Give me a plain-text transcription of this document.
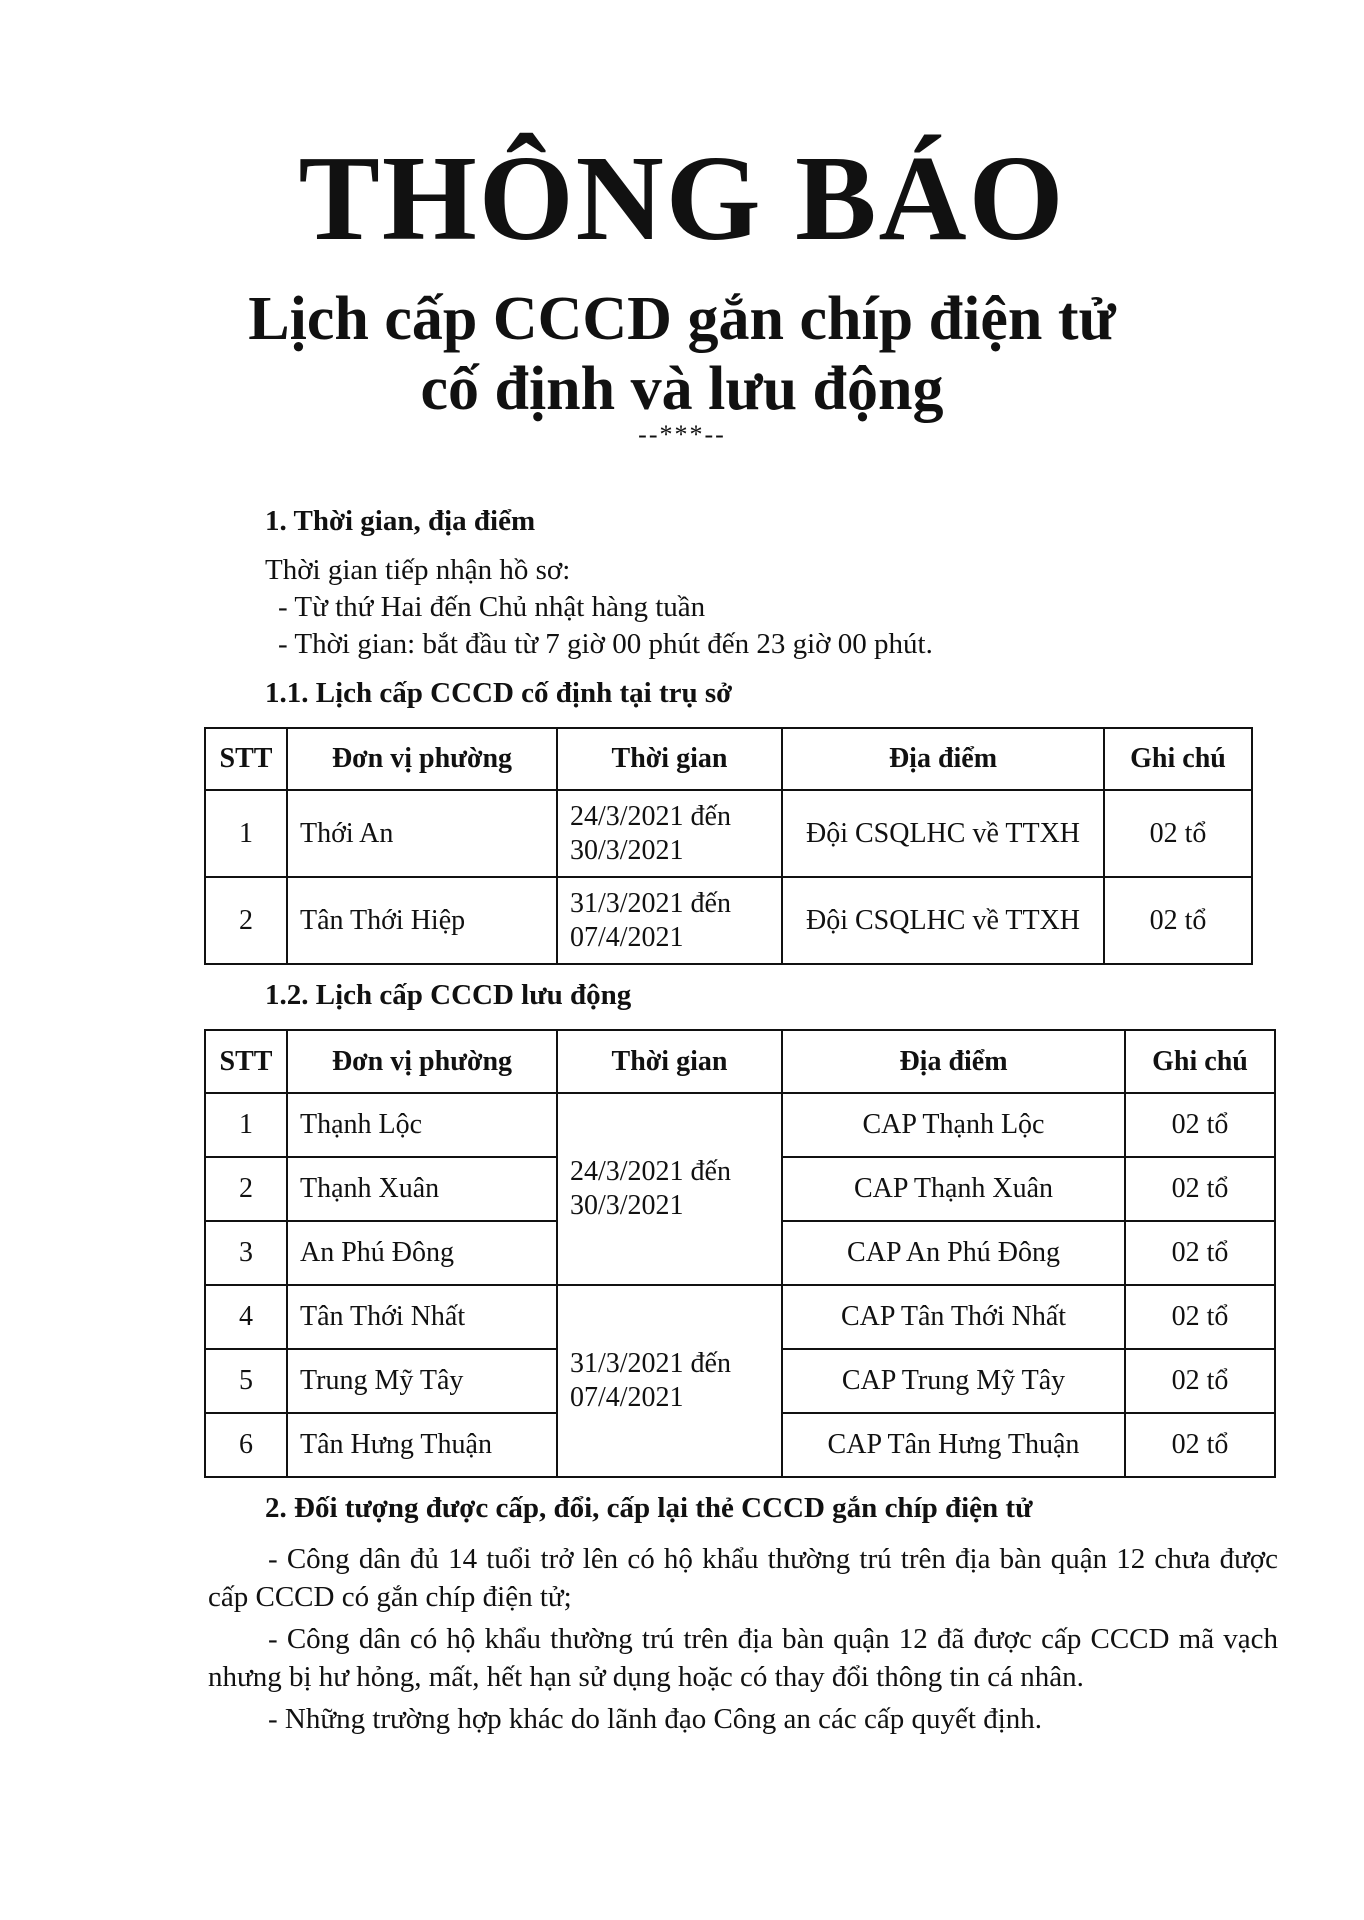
THÔNG BÁO
Lịch cấp CCCD gắn chíp điện tử
cố định và lưu động
--***--
1. Thời gian, địa điểm
Thời gian tiếp nhận hồ sơ:
- Từ thứ Hai đến Chủ nhật hàng tuần
- Thời gian: bắt đầu từ 7 giờ 00 phút đến 23 giờ 00 phút.
1.1. Lịch cấp CCCD cố định tại trụ sở
STT	Đơn vị phường	Thời gian	Địa điểm	Ghi chú
1	Thới An	24/3/2021 đến 30/3/2021	Đội CSQLHC về TTXH	02 tổ
2	Tân Thới Hiệp	31/3/2021 đến 07/4/2021	Đội CSQLHC về TTXH	02 tổ
1.2. Lịch cấp CCCD lưu động
STT	Đơn vị phường	Thời gian	Địa điểm	Ghi chú
1	Thạnh Lộc	24/3/2021 đến 30/3/2021	CAP Thạnh Lộc	02 tổ
2	Thạnh Xuân		CAP Thạnh Xuân	02 tổ
3	An Phú Đông		CAP An Phú Đông	02 tổ
4	Tân Thới Nhất	31/3/2021 đến 07/4/2021	CAP Tân Thới Nhất	02 tổ
5	Trung Mỹ Tây		CAP Trung Mỹ Tây	02 tổ
6	Tân Hưng Thuận		CAP Tân Hưng Thuận	02 tổ
2. Đối tượng được cấp, đổi, cấp lại thẻ CCCD gắn chíp điện tử
- Công dân đủ 14 tuổi trở lên có hộ khẩu thường trú trên địa bàn quận 12 chưa được cấp CCCD có gắn chíp điện tử;
- Công dân có hộ khẩu thường trú trên địa bàn quận 12 đã được cấp CCCD mã vạch nhưng bị hư hỏng, mất, hết hạn sử dụng hoặc có thay đổi thông tin cá nhân.
- Những trường hợp khác do lãnh đạo Công an các cấp quyết định.
